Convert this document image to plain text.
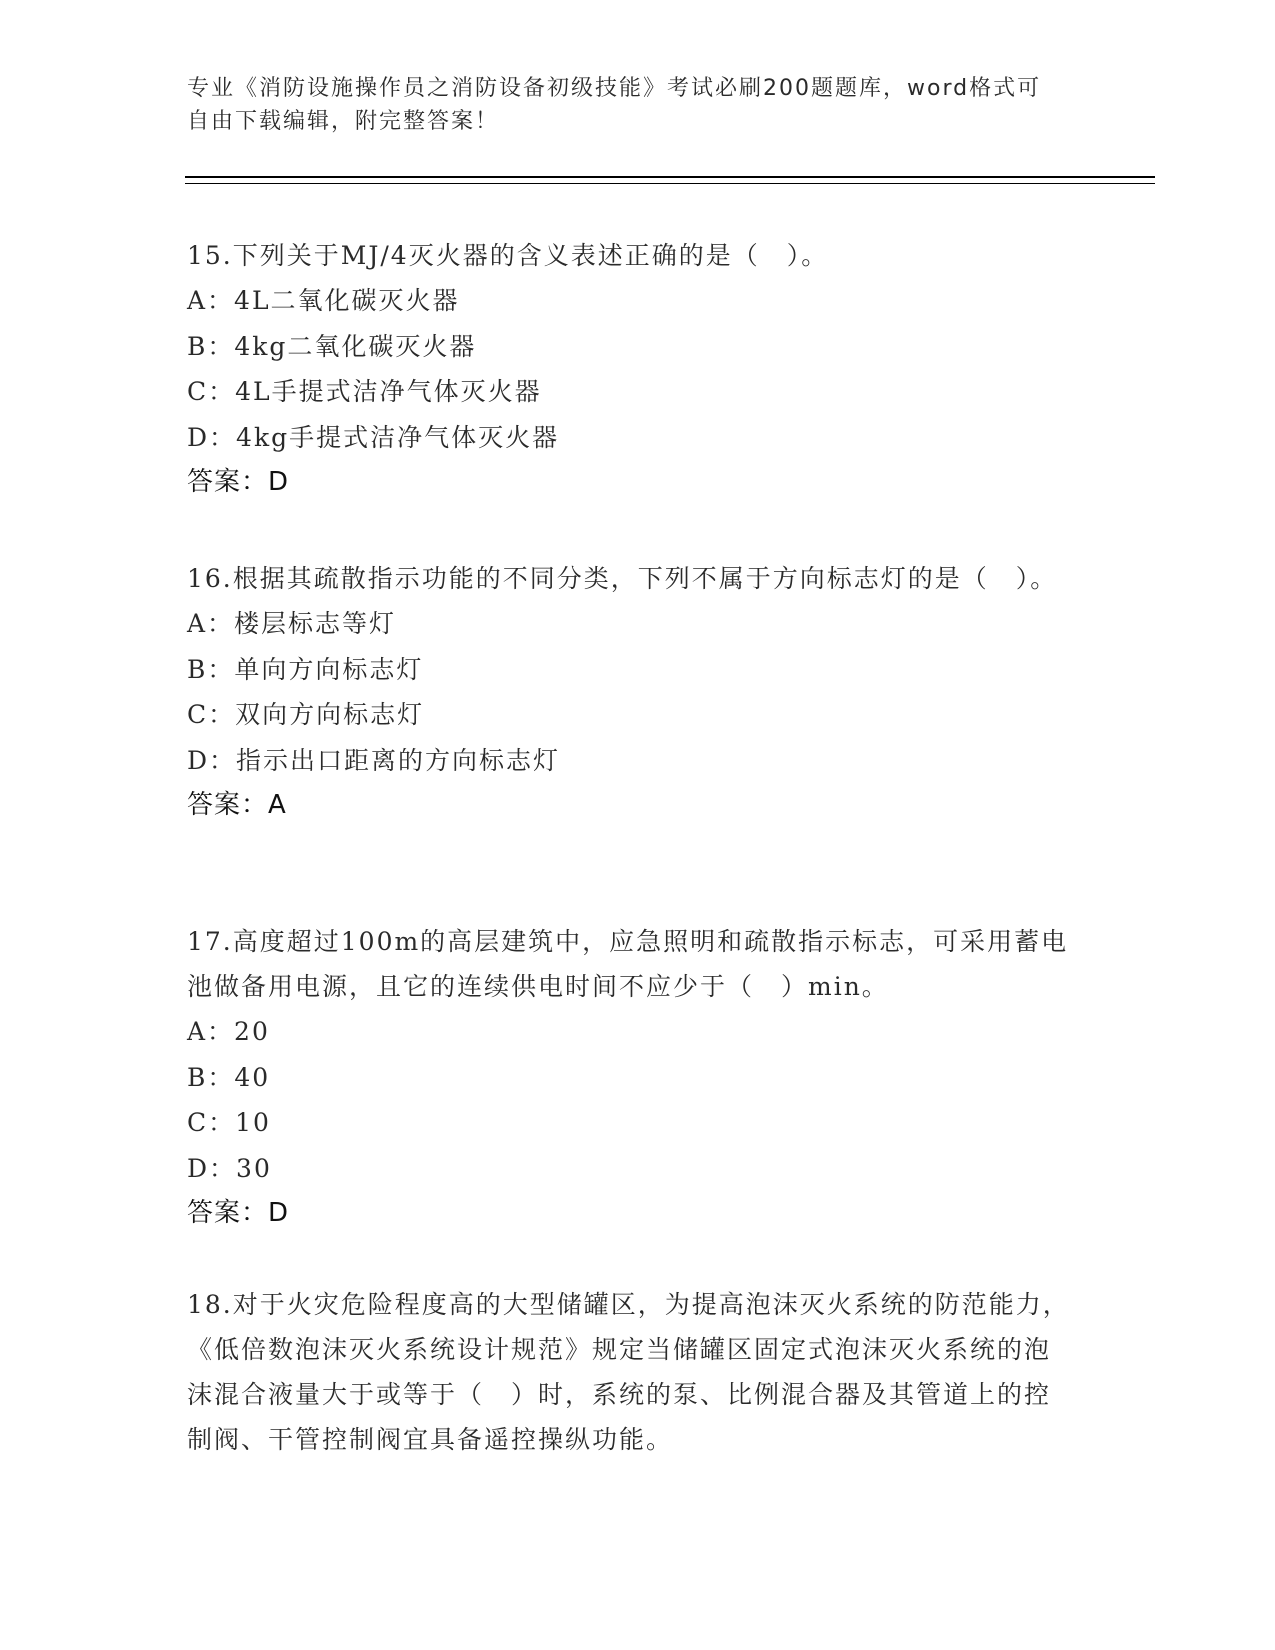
专业《消防设施操作员之消防设备初级技能》考试必刷200题题库，word格式可
自由下载编辑，附完整答案！
15.下列关于MJ/4灭火器的含义表述正确的是（　）。
A：4L二氧化碳灭火器
B：4kg二氧化碳灭火器
C：4L手提式洁净气体灭火器
D：4kg手提式洁净气体灭火器
答案：D
16.根据其疏散指示功能的不同分类，下列不属于方向标志灯的是（　）。
A：楼层标志等灯
B：单向方向标志灯
C：双向方向标志灯
D：指示出口距离的方向标志灯
答案：A
17.高度超过100m的高层建筑中，应急照明和疏散指示标志，可采用蓄电池做备用电源，且它的连续供电时间不应少于（　）min。
A：20
B：40
C：10
D：30
答案：D
18.对于火灾危险程度高的大型储罐区，为提高泡沫灭火系统的防范能力，《低倍数泡沫灭火系统设计规范》规定当储罐区固定式泡沫灭火系统的泡沫混合液量大于或等于（　）时，系统的泵、比例混合器及其管道上的控制阀、干管控制阀宜具备遥控操纵功能。
